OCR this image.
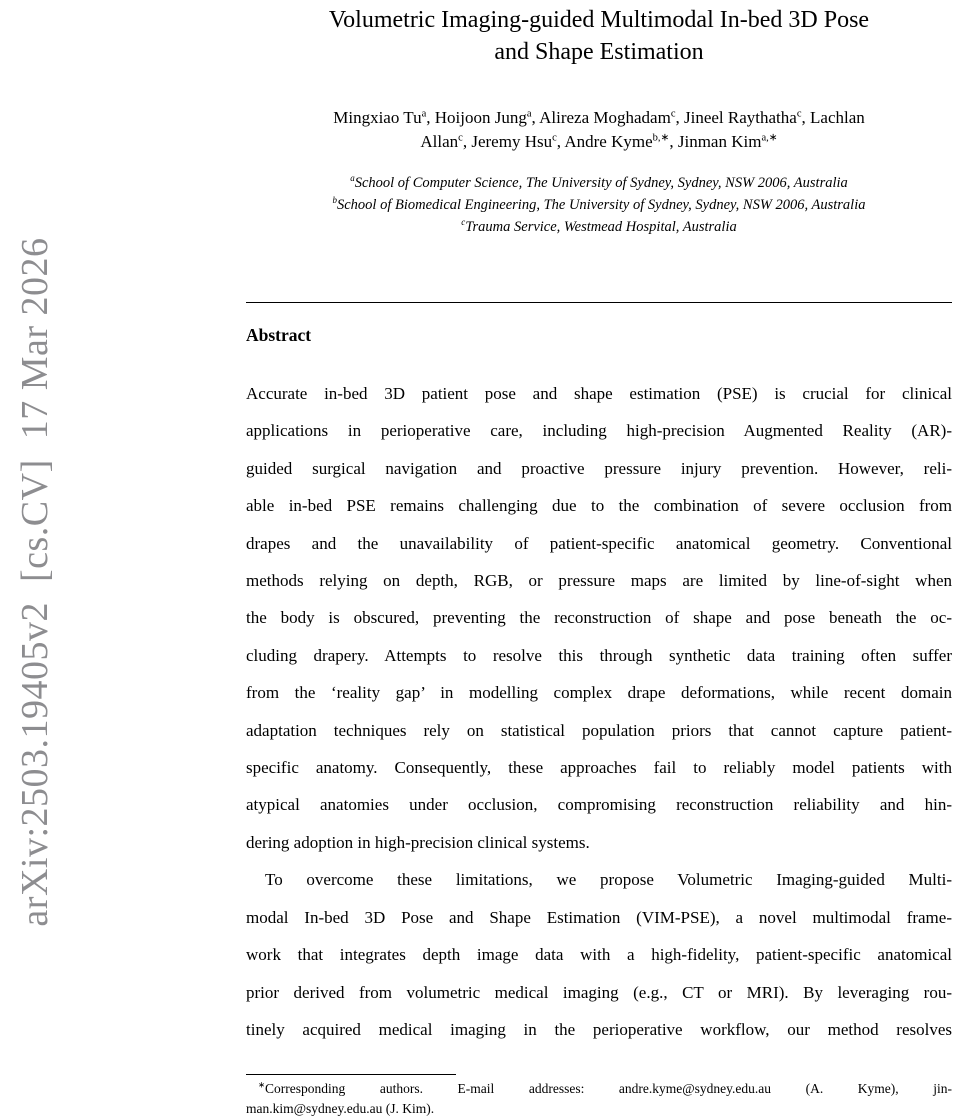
arXiv:2503.19405v2  [cs.CV]  17 Mar 2026
Volumetric Imaging-guided Multimodal In-bed 3D Pose
and Shape Estimation
Mingxiao Tu$^a$, Hoijoon Jung$^a$, Alireza Moghadam$^c$, Jineel Raythatha$^c$, Lachlan
Allan$^c$, Jeremy Hsu$^c$, Andre Kyme$^{b,∗}$, Jinman Kim$^{a,∗}$
$^a$School of Computer Science, The University of Sydney, Sydney, NSW 2006, Australia
$^b$School of Biomedical Engineering, The University of Sydney, Sydney, NSW 2006, Australia
$^c$Trauma Service, Westmead Hospital, Australia
Abstract
Accurate in-bed 3D patient pose and shape estimation (PSE) is crucial for clinical
applications in perioperative care, including high-precision Augmented Reality (AR)-
guided surgical navigation and proactive pressure injury prevention. However, reli-
able in-bed PSE remains challenging due to the combination of severe occlusion from
drapes and the unavailability of patient-specific anatomical geometry. Conventional
methods relying on depth, RGB, or pressure maps are limited by line-of-sight when
the body is obscured, preventing the reconstruction of shape and pose beneath the oc-
cluding drapery. Attempts to resolve this through synthetic data training often suffer
from the ‘reality gap’ in modelling complex drape deformations, while recent domain
adaptation techniques rely on statistical population priors that cannot capture patient-
specific anatomy. Consequently, these approaches fail to reliably model patients with
atypical anatomies under occlusion, compromising reconstruction reliability and hin-
dering adoption in high-precision clinical systems.
To overcome these limitations, we propose Volumetric Imaging-guided Multi-
modal In-bed 3D Pose and Shape Estimation (VIM-PSE), a novel multimodal frame-
work that integrates depth image data with a high-fidelity, patient-specific anatomical
prior derived from volumetric medical imaging (e.g., CT or MRI). By leveraging rou-
tinely acquired medical imaging in the perioperative workflow, our method resolves
∗Corresponding authors. E-mail addresses: andre.kyme@sydney.edu.au (A. Kyme), jin-
man.kim@sydney.edu.au (J. Kim).
